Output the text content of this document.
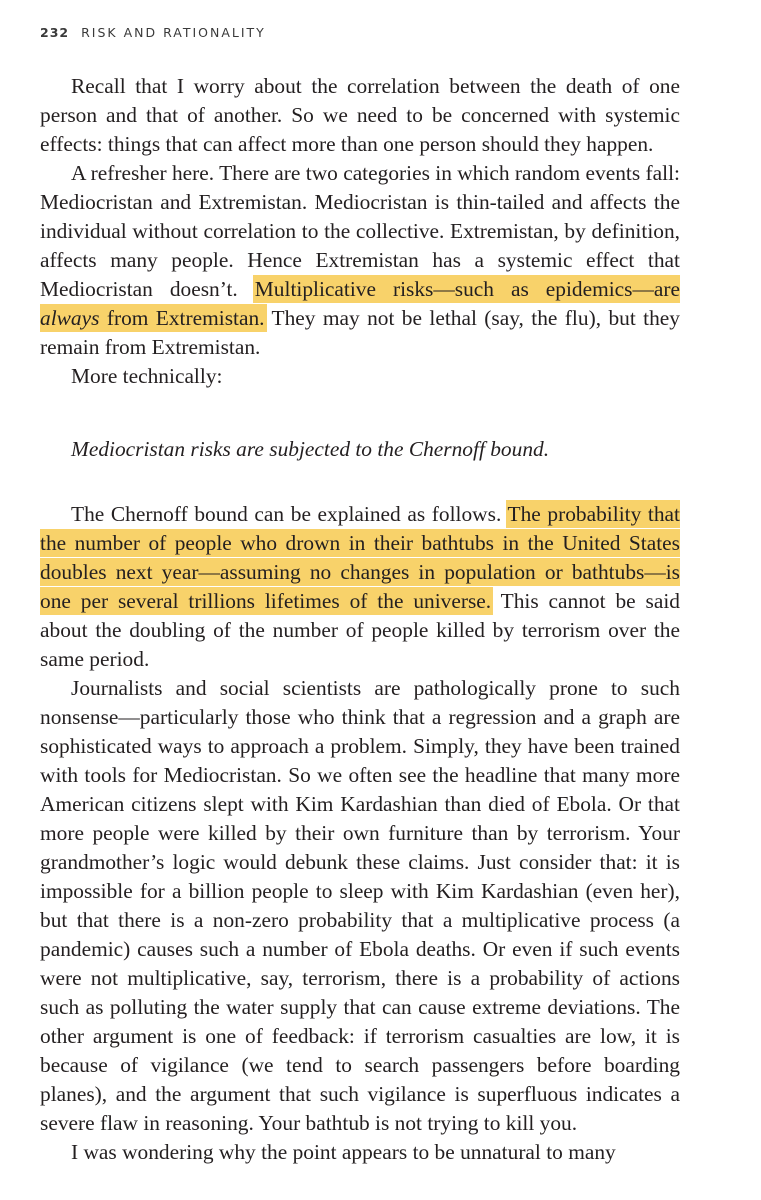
232 RISK AND RATIONALITY

Recall that I worry about the correlation between the death of one person and that of another. So we need to be concerned with systemic effects: things that can affect more than one person should they happen.

A refresher here. There are two categories in which random events fall: Mediocristan and Extremistan. Mediocristan is thin-tailed and affects the individual without correlation to the collective. Extremistan, by definition, affects many people. Hence Extremistan has a systemic effect that Mediocristan doesn’t. Multiplicative risks—such as epidemics—are always from Extremistan. They may not be lethal (say, the flu), but they remain from Extremistan.

More technically:

Mediocristan risks are subjected to the Chernoff bound.

The Chernoff bound can be explained as follows. The probability that the number of people who drown in their bathtubs in the United States doubles next year—assuming no changes in population or bathtubs—is one per several trillions lifetimes of the universe. This cannot be said about the doubling of the number of people killed by terrorism over the same period.

Journalists and social scientists are pathologically prone to such nonsense—particularly those who think that a regression and a graph are sophisticated ways to approach a problem. Simply, they have been trained with tools for Mediocristan. So we often see the headline that many more American citizens slept with Kim Kardashian than died of Ebola. Or that more people were killed by their own furniture than by terrorism. Your grandmother’s logic would debunk these claims. Just consider that: it is impossible for a billion people to sleep with Kim Kardashian (even her), but that there is a non-zero probability that a multiplicative process (a pandemic) causes such a number of Ebola deaths. Or even if such events were not multiplicative, say, terrorism, there is a probability of actions such as polluting the water supply that can cause extreme deviations. The other argument is one of feedback: if terrorism casualties are low, it is because of vigilance (we tend to search passengers before boarding planes), and the argument that such vigilance is superfluous indicates a severe flaw in reasoning. Your bathtub is not trying to kill you.

I was wondering why the point appears to be unnatural to many
